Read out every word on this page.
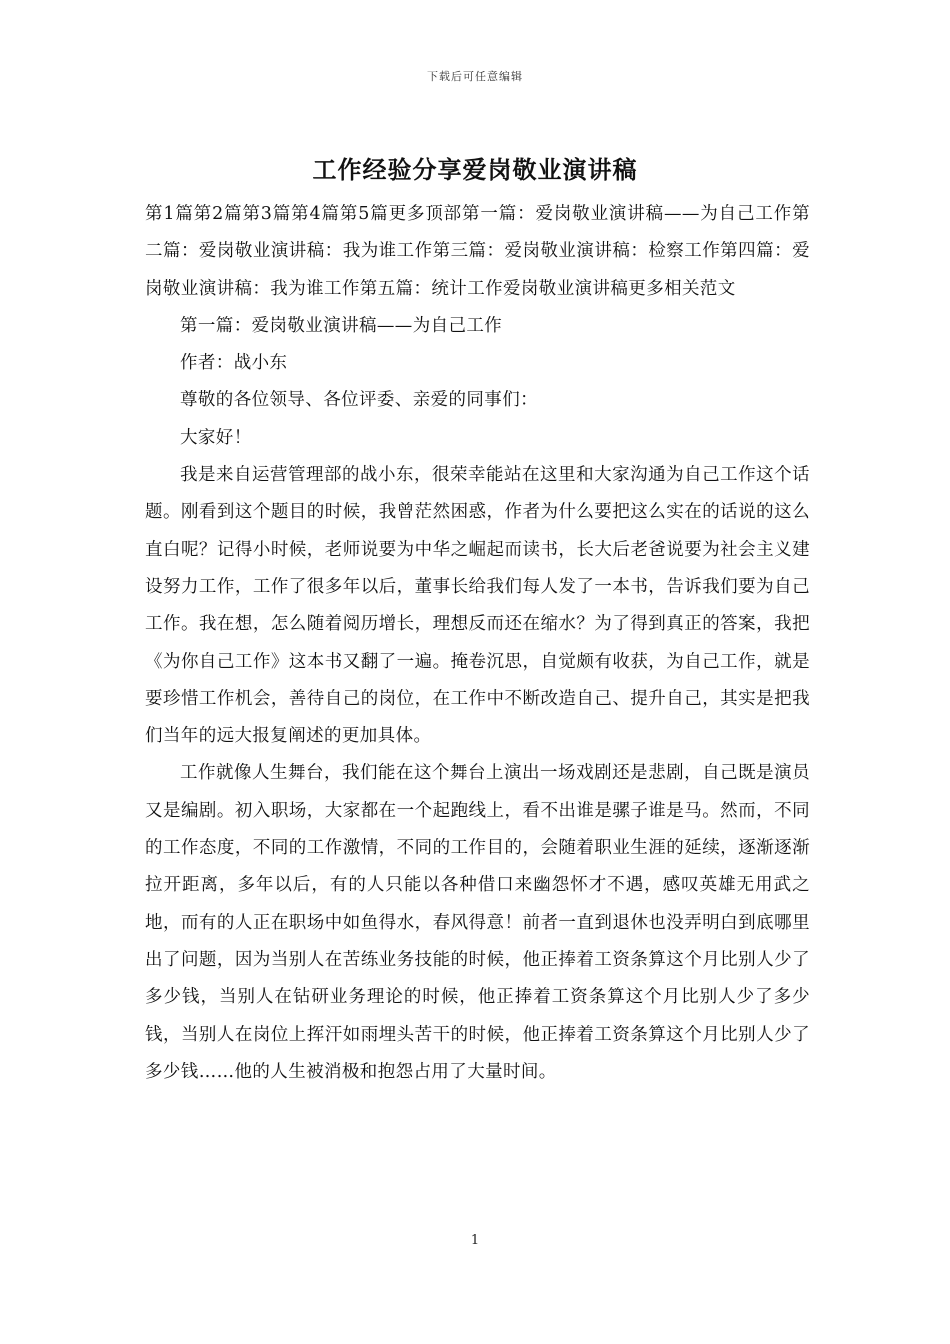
下载后可任意编辑
工作经验分享爱岗敬业演讲稿

第1篇第2篇第3篇第4篇第5篇更多顶部第一篇：爱岗敬业演讲稿——为自己工作第二篇：爱岗敬业演讲稿：我为谁工作第三篇：爱岗敬业演讲稿：检察工作第四篇：爱岗敬业演讲稿：我为谁工作第五篇：统计工作爱岗敬业演讲稿更多相关范文

第一篇：爱岗敬业演讲稿——为自己工作

作者：战小东

尊敬的各位领导、各位评委、亲爱的同事们：

大家好！

我是来自运营管理部的战小东，很荣幸能站在这里和大家沟通为自己工作这个话题。刚看到这个题目的时候，我曾茫然困惑，作者为什么要把这么实在的话说的这么直白呢？记得小时候，老师说要为中华之崛起而读书，长大后老爸说要为社会主义建设努力工作，工作了很多年以后，董事长给我们每人发了一本书，告诉我们要为自己工作。我在想，怎么随着阅历增长，理想反而还在缩水？为了得到真正的答案，我把《为你自己工作》这本书又翻了一遍。掩卷沉思，自觉颇有收获，为自己工作，就是要珍惜工作机会，善待自己的岗位，在工作中不断改造自己、提升自己，其实是把我们当年的远大报复阐述的更加具体。

工作就像人生舞台，我们能在这个舞台上演出一场戏剧还是悲剧，自己既是演员又是编剧。初入职场，大家都在一个起跑线上，看不出谁是骡子谁是马。然而，不同的工作态度，不同的工作激情，不同的工作目的，会随着职业生涯的延续，逐渐逐渐拉开距离，多年以后，有的人只能以各种借口来幽怨怀才不遇，感叹英雄无用武之地，而有的人正在职场中如鱼得水，春风得意！前者一直到退休也没弄明白到底哪里出了问题，因为当别人在苦练业务技能的时候，他正捧着工资条算这个月比别人少了多少钱，当别人在钻研业务理论的时候，他正捧着工资条算这个月比别人少了多少钱，当别人在岗位上挥汗如雨埋头苦干的时候，他正捧着工资条算这个月比别人少了多少钱……他的人生被消极和抱怨占用了大量时间。

1
